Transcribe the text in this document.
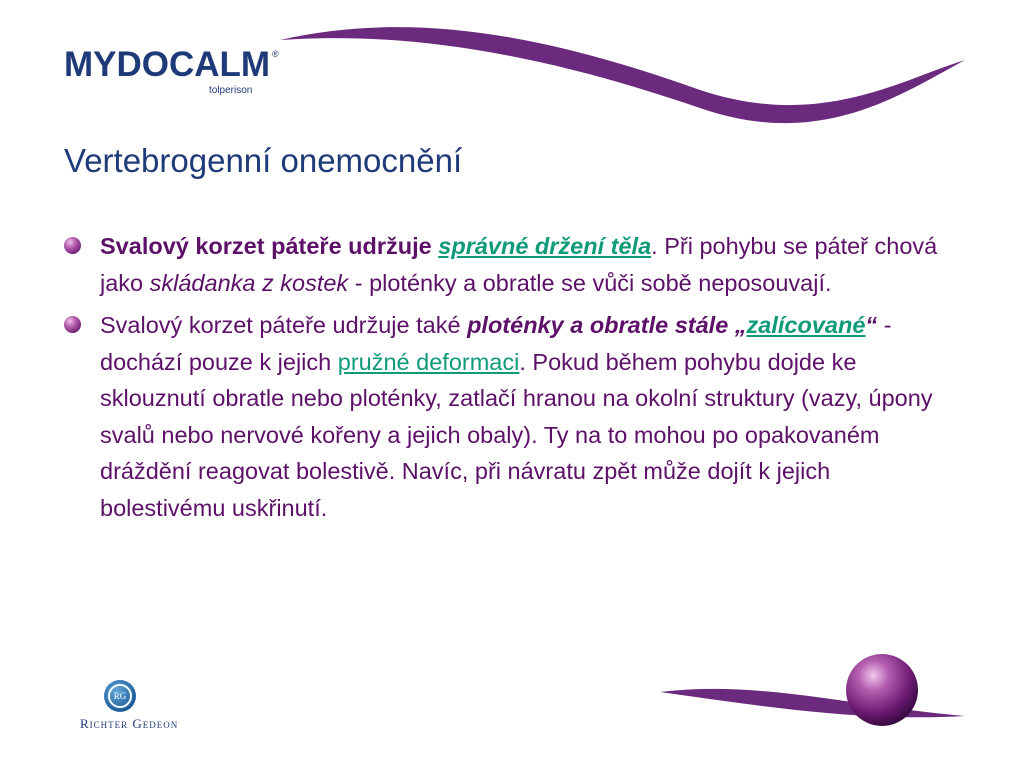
MYDOCALM ®
tolperison
Vertebrogenní onemocnění

Svalový korzet páteře udržuje správné držení těla. Při pohybu se páteř chová jako skládanka z kostek - ploténky a obratle se vůči sobě neposouvají.

Svalový korzet páteře udržuje také ploténky a obratle stále „zalícované“ - dochází pouze k jejich pružné deformaci. Pokud během pohybu dojde ke sklouznutí obratle nebo ploténky, zatlačí hranou na okolní struktury (vazy, úpony svalů nebo nervové kořeny a jejich obaly). Ty na to mohou po opakovaném dráždění reagovat bolestivě. Navíc, při návratu zpět může dojít k jejich bolestivému uskřinutí.

RG
Richter Gedeon
